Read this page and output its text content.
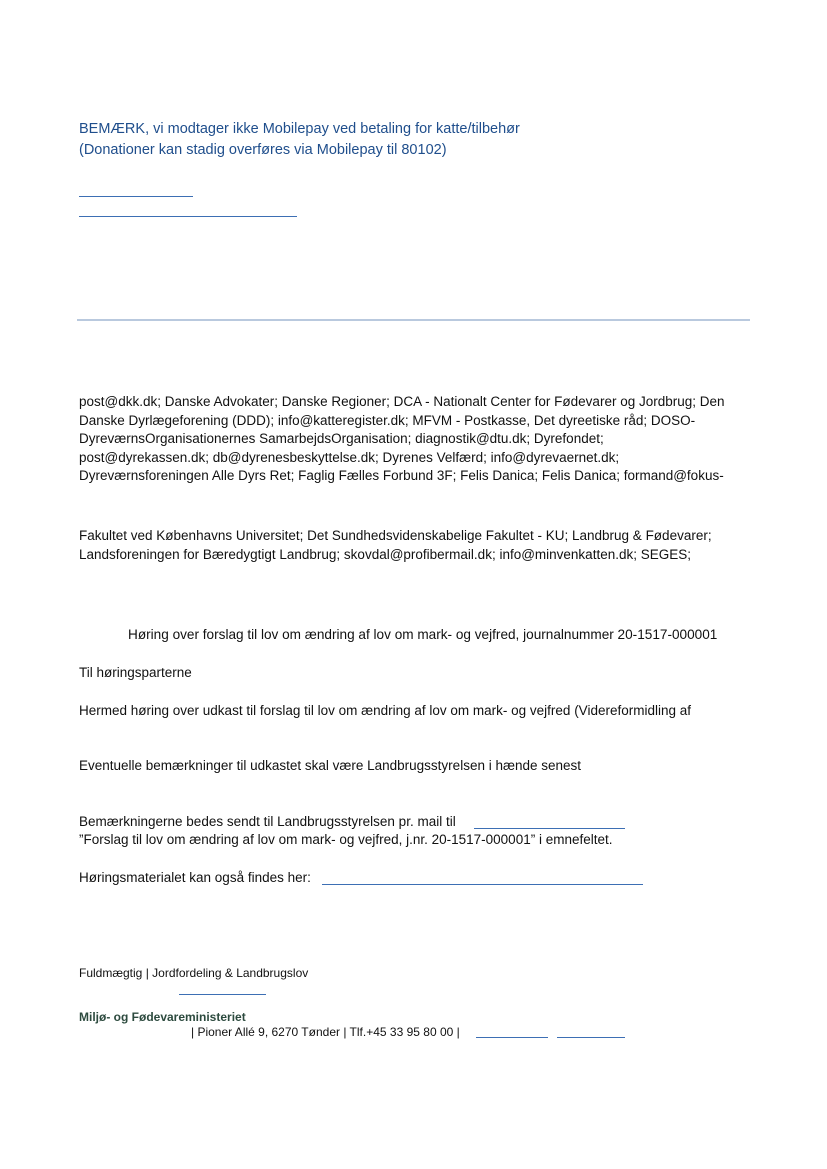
BEMÆRK, vi modtager ikke Mobilepay ved betaling for katte/tilbehør
(Donationer kan stadig overføres via Mobilepay til 80102)
post@dkk.dk; Danske Advokater; Danske Regioner; DCA - Nationalt Center for Fødevarer og Jordbrug; Den
Danske Dyrlægeforening (DDD); info@katteregister.dk; MFVM - Postkasse, Det dyreetiske råd; DOSO-
DyreværnsOrganisationernes SamarbejdsOrganisation; diagnostik@dtu.dk; Dyrefondet;
post@dyrekassen.dk; db@dyrenesbeskyttelse.dk; Dyrenes Velfærd; info@dyrevaernet.dk;
Dyreværnsforeningen Alle Dyrs Ret; Faglig Fælles Forbund 3F; Felis Danica; Felis Danica; formand@fokus-
Fakultet ved Københavns Universitet; Det Sundhedsvidenskabelige Fakultet - KU; Landbrug & Fødevarer;
Landsforeningen for Bæredygtigt Landbrug; skovdal@profibermail.dk; info@minvenkatten.dk; SEGES;
Høring over forslag til lov om ændring af lov om mark- og vejfred, journalnummer 20-1517-000001
Til høringsparterne
Hermed høring over udkast til forslag til lov om ændring af lov om mark- og vejfred (Videreformidling af
Eventuelle bemærkninger til udkastet skal være Landbrugsstyrelsen i hænde senest
Bemærkningerne bedes sendt til Landbrugsstyrelsen pr. mail til
”Forslag til lov om ændring af lov om mark- og vejfred, j.nr. 20-1517-000001” i emnefeltet.
Høringsmaterialet kan også findes her:
Fuldmægtig | Jordfordeling & Landbrugslov
Miljø- og Fødevareministeriet
| Pioner Allé 9, 6270 Tønder | Tlf.+45 33 95 80 00 |
